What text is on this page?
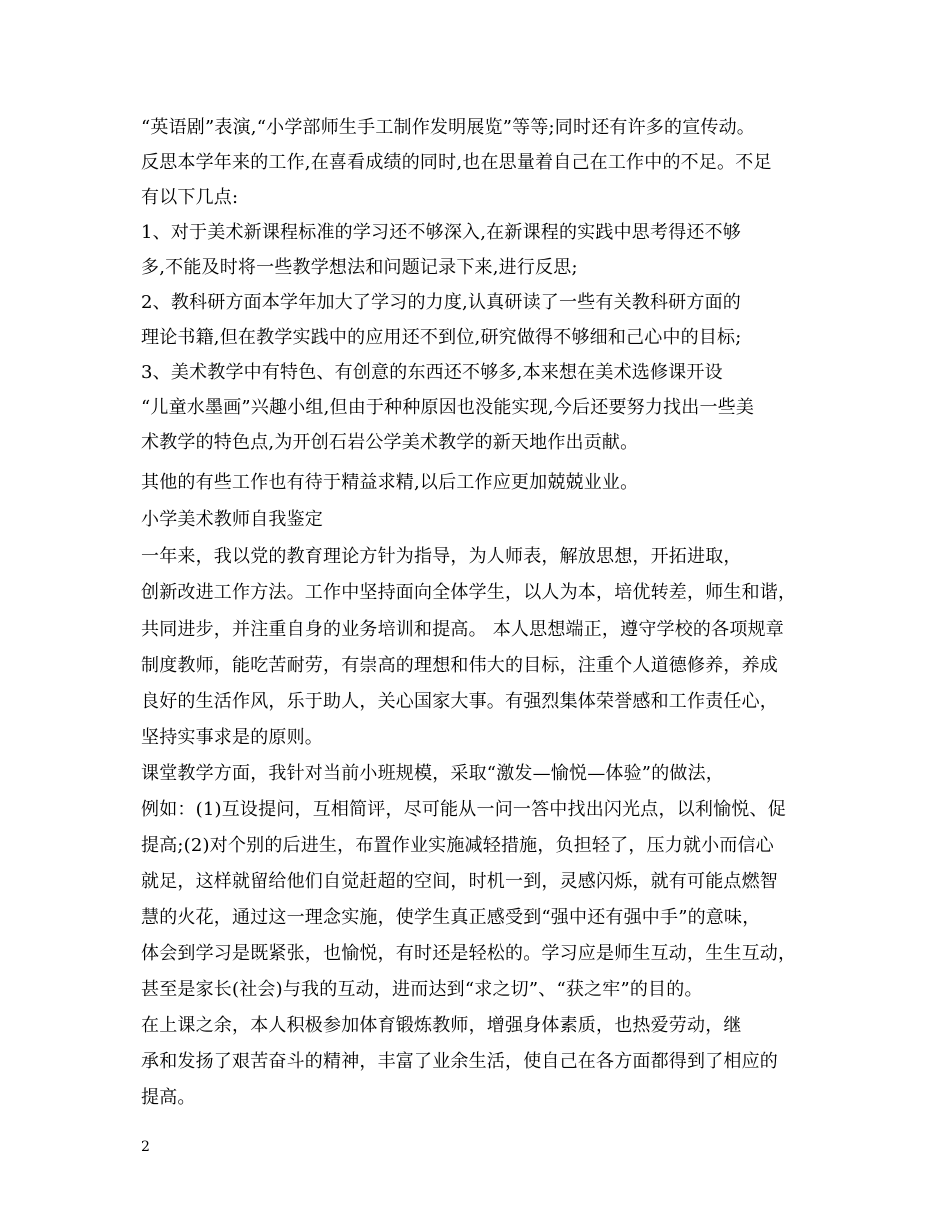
“英语剧”表演,“小学部师生手工制作发明展览”等等;同时还有许多的宣传动。
反思本学年来的工作,在喜看成绩的同时,也在思量着自己在工作中的不足。不足
有以下几点:
1、对于美术新课程标准的学习还不够深入,在新课程的实践中思考得还不够
多,不能及时将一些教学想法和问题记录下来,进行反思;
2、教科研方面本学年加大了学习的力度,认真研读了一些有关教科研方面的
理论书籍,但在教学实践中的应用还不到位,研究做得不够细和己心中的目标;
3、美术教学中有特色、有创意的东西还不够多,本来想在美术选修课开设
“儿童水墨画”兴趣小组,但由于种种原因也没能实现,今后还要努力找出一些美
术教学的特色点,为开创石岩公学美术教学的新天地作出贡献。
其他的有些工作也有待于精益求精,以后工作应更加兢兢业业。
小学美术教师自我鉴定
一年来，我以党的教育理论方针为指导，为人师表，解放思想，开拓进取，
创新改进工作方法。工作中坚持面向全体学生，以人为本，培优转差，师生和谐，
共同进步，并注重自身的业务培训和提高。 本人思想端正，遵守学校的各项规章
制度教师，能吃苦耐劳，有崇高的理想和伟大的目标，注重个人道德修养，养成
良好的生活作风，乐于助人，关心国家大事。有强烈集体荣誉感和工作责任心，
坚持实事求是的原则。
课堂教学方面，我针对当前小班规模，采取“激发—愉悦—体验”的做法，
例如：(1)互设提问，互相简评，尽可能从一问一答中找出闪光点，以利愉悦、促
提高;(2)对个别的后进生，布置作业实施减轻措施，负担轻了，压力就小而信心
就足，这样就留给他们自觉赶超的空间，时机一到，灵感闪烁，就有可能点燃智
慧的火花，通过这一理念实施，使学生真正感受到“强中还有强中手”的意味，
体会到学习是既紧张，也愉悦，有时还是轻松的。学习应是师生互动，生生互动，
甚至是家长(社会)与我的互动，进而达到“求之切”、“获之牢”的目的。
在上课之余，本人积极参加体育锻炼教师，增强身体素质，也热爱劳动，继
承和发扬了艰苦奋斗的精神，丰富了业余生活，使自己在各方面都得到了相应的
提高。
2
